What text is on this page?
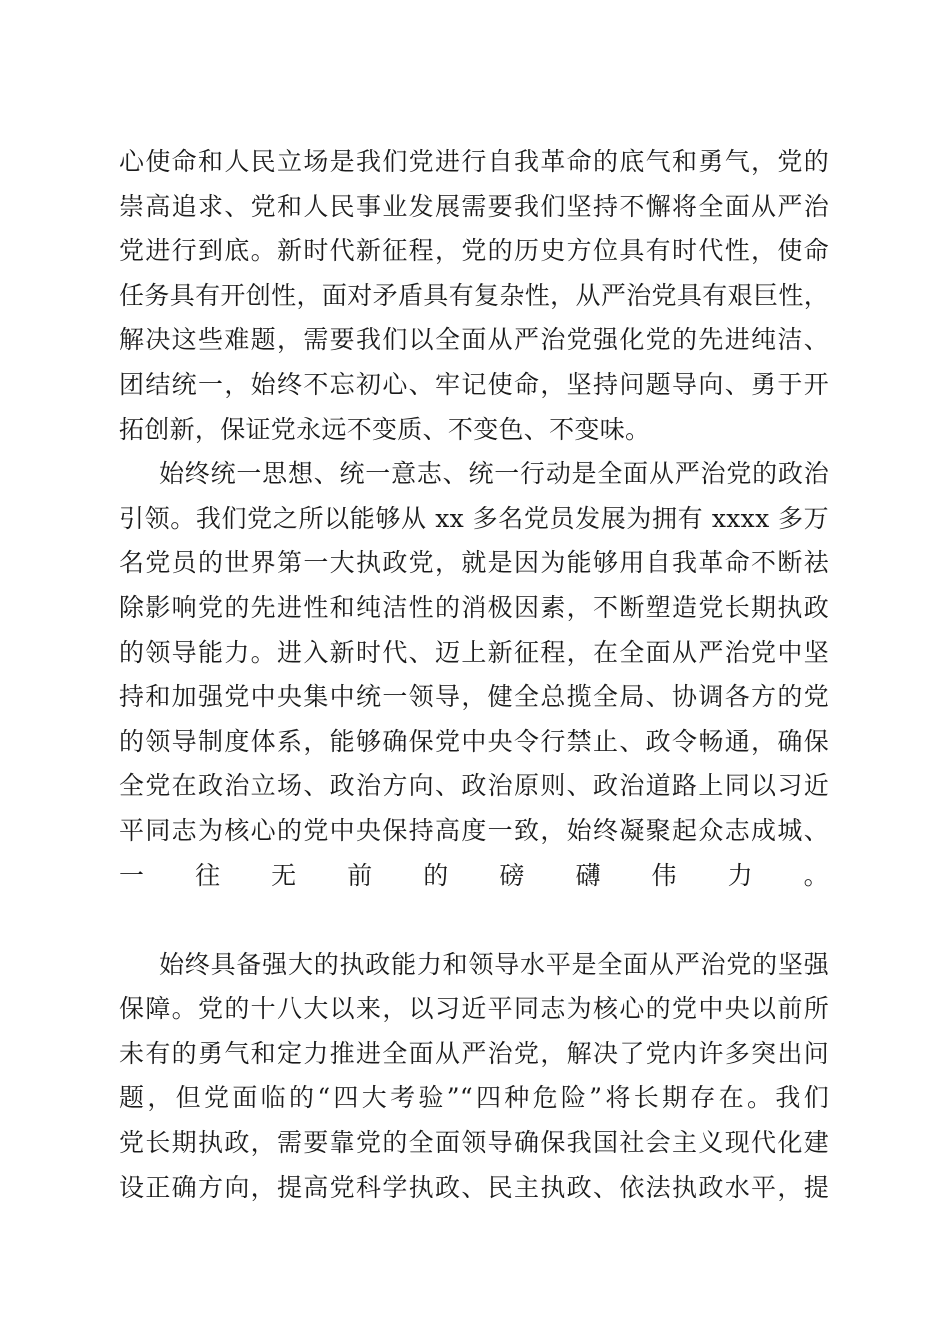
心使命和人民立场是我们党进行自我革命的底气和勇气，党的
崇高追求、党和人民事业发展需要我们坚持不懈将全面从严治
党进行到底。新时代新征程，党的历史方位具有时代性，使命
任务具有开创性，面对矛盾具有复杂性，从严治党具有艰巨性，
解决这些难题，需要我们以全面从严治党强化党的先进纯洁、
团结统一，始终不忘初心、牢记使命，坚持问题导向、勇于开
拓创新，保证党永远不变质、不变色、不变味。
始终统一思想、统一意志、统一行动是全面从严治党的政治
引领。我们党之所以能够从 xx 多名党员发展为拥有 xxxx 多万
名党员的世界第一大执政党，就是因为能够用自我革命不断祛
除影响党的先进性和纯洁性的消极因素，不断塑造党长期执政
的领导能力。进入新时代、迈上新征程，在全面从严治党中坚
持和加强党中央集中统一领导，健全总揽全局、协调各方的党
的领导制度体系，能够确保党中央令行禁止、政令畅通，确保
全党在政治立场、政治方向、政治原则、政治道路上同以习近
平同志为核心的党中央保持高度一致，始终凝聚起众志成城、
一往无前的磅礴伟力。
始终具备强大的执政能力和领导水平是全面从严治党的坚强
保障。党的十八大以来，以习近平同志为核心的党中央以前所
未有的勇气和定力推进全面从严治党，解决了党内许多突出问
题，但党面临的“四大考验”“四种危险”将长期存在。我们
党长期执政，需要靠党的全面领导确保我国社会主义现代化建
设正确方向，提高党科学执政、民主执政、依法执政水平，提
